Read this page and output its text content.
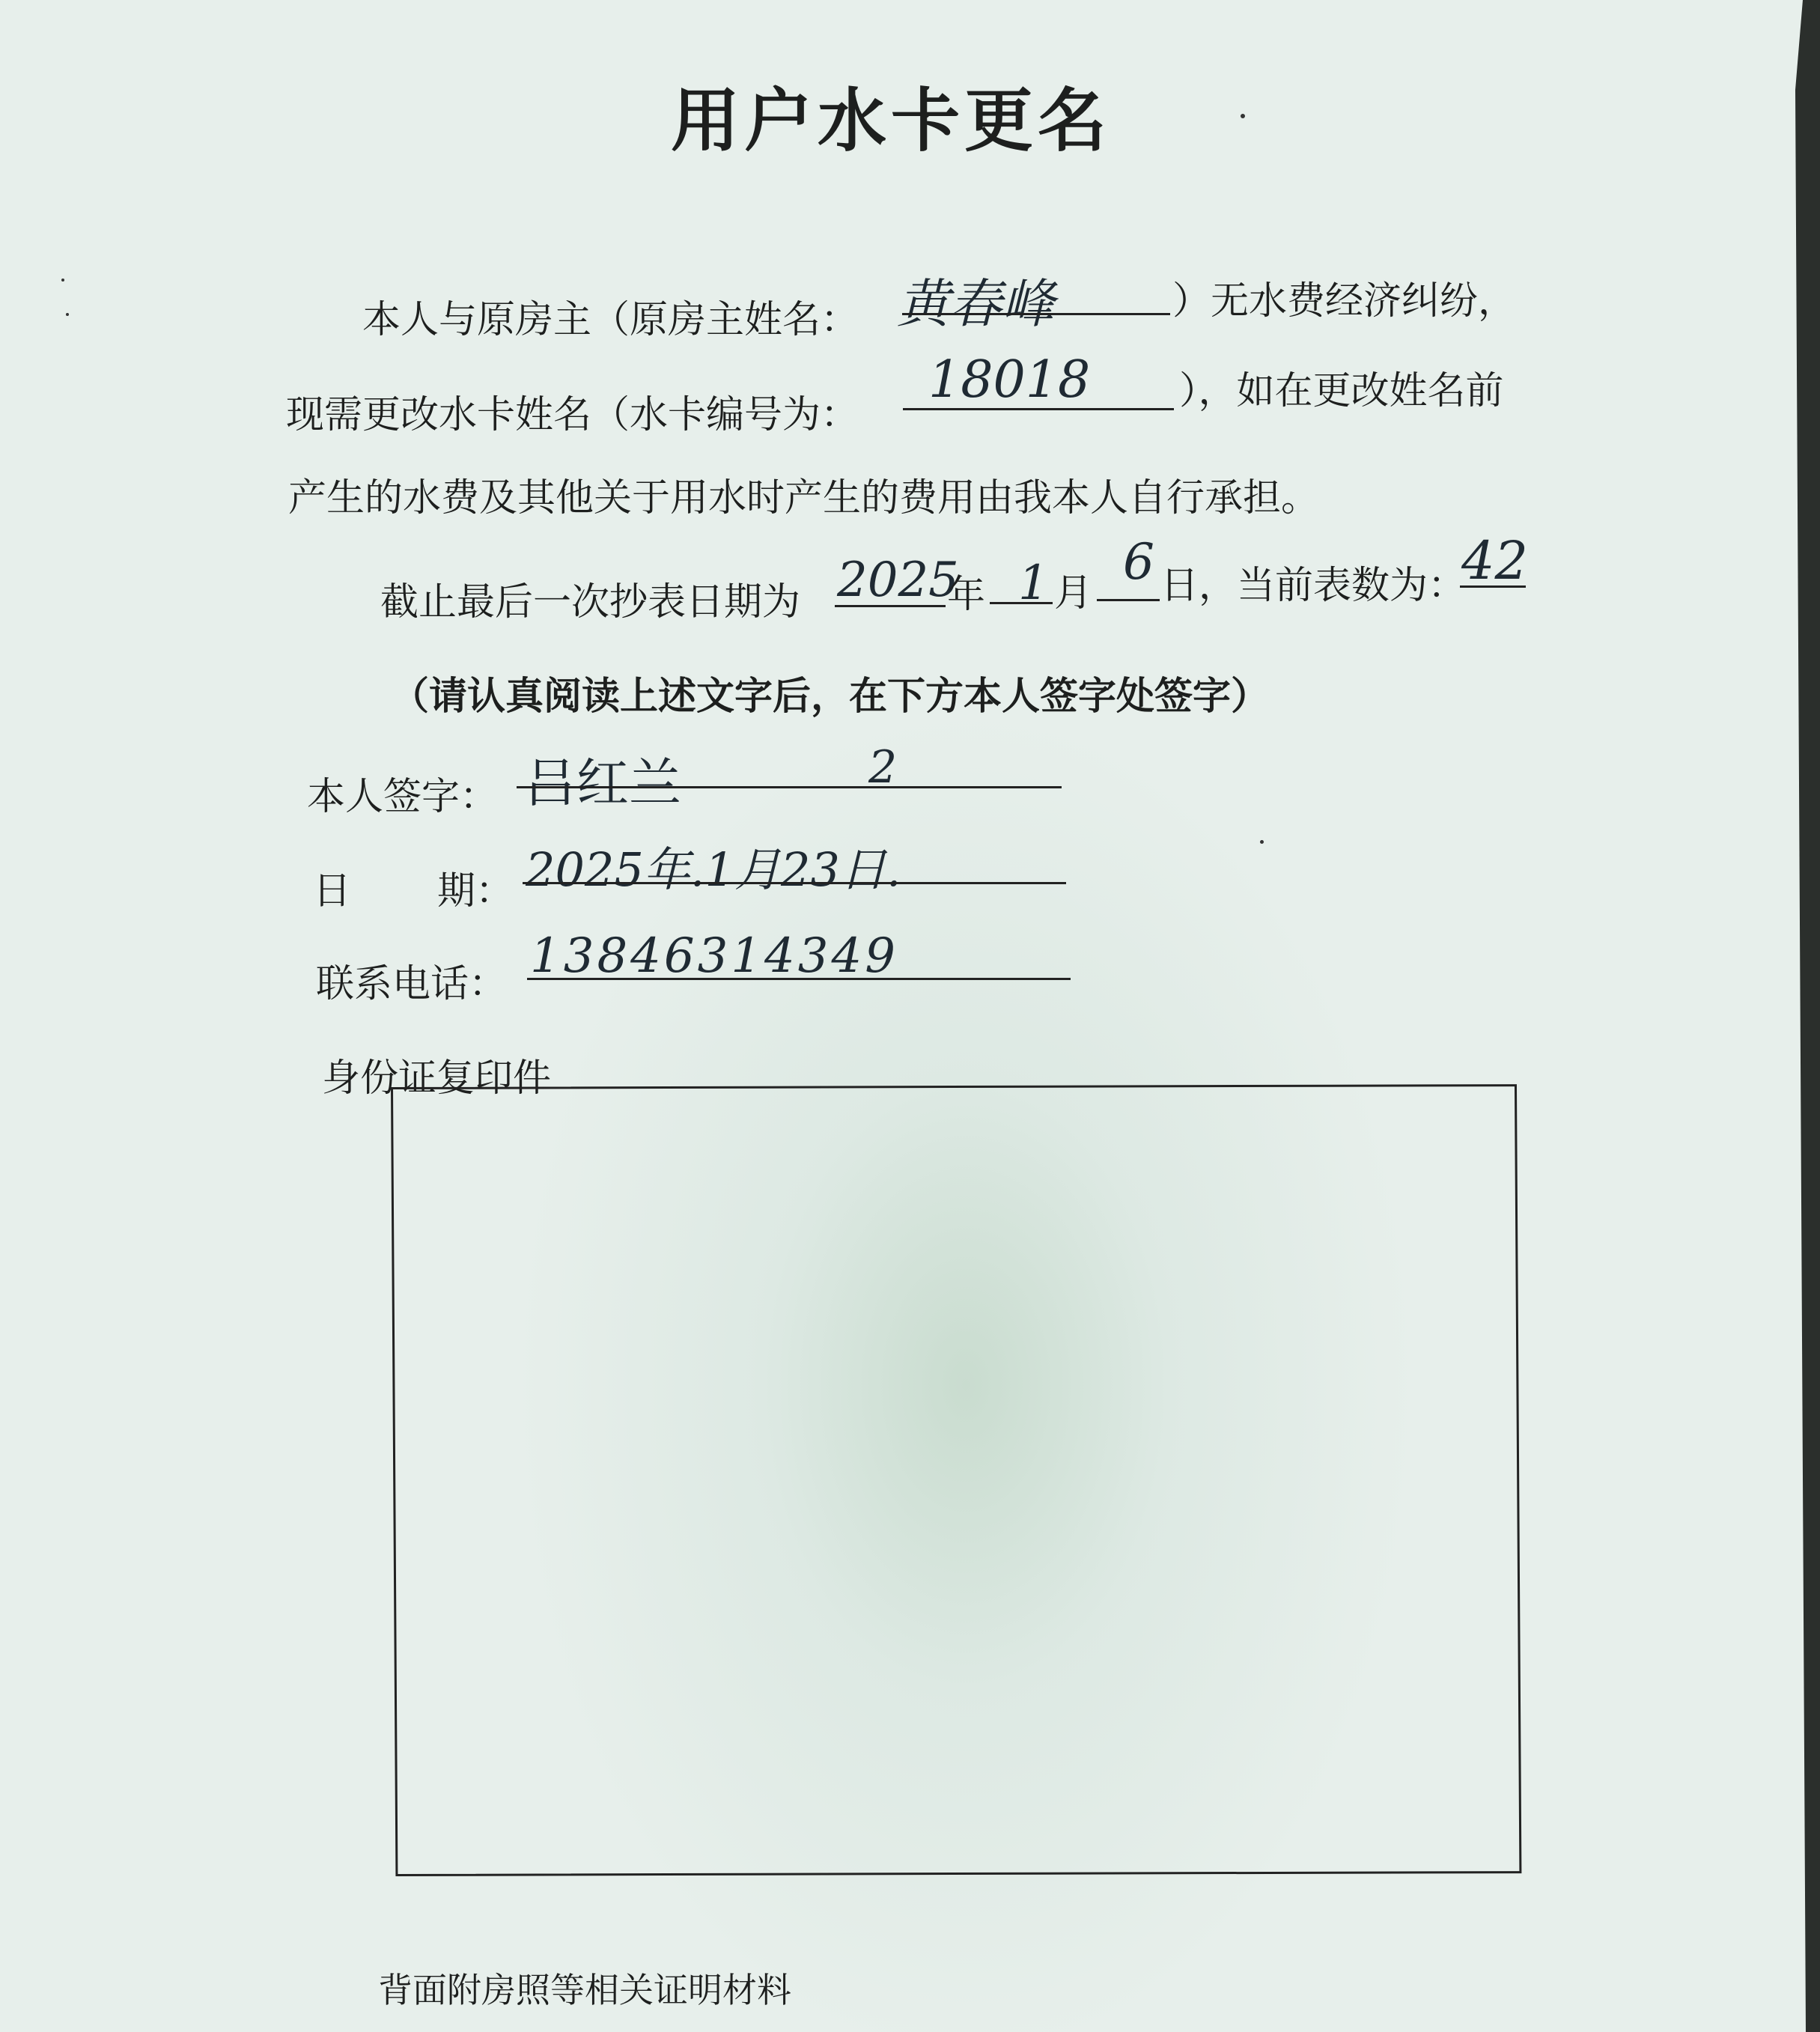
用户水卡更名
本人与原房主（原房主姓名： 黄春峰	）无水费经济纠纷，
现需更改水卡姓名（水卡编号为：
18018 ），如在更改姓名前
产生的水费及其他关于用水时产生的费用由我本人自行承担。
截止最后一次抄表日期为 2025
年 1 月
6 日，当前表数为：
42
（请认真阅读上述文字后，在下方本人签字处签字）
本人签字： 吕红兰	2
日 期： 2025年.1月23日.
联系电话：
13846314349
身份证复印件
背面附房照等相关证明材料
